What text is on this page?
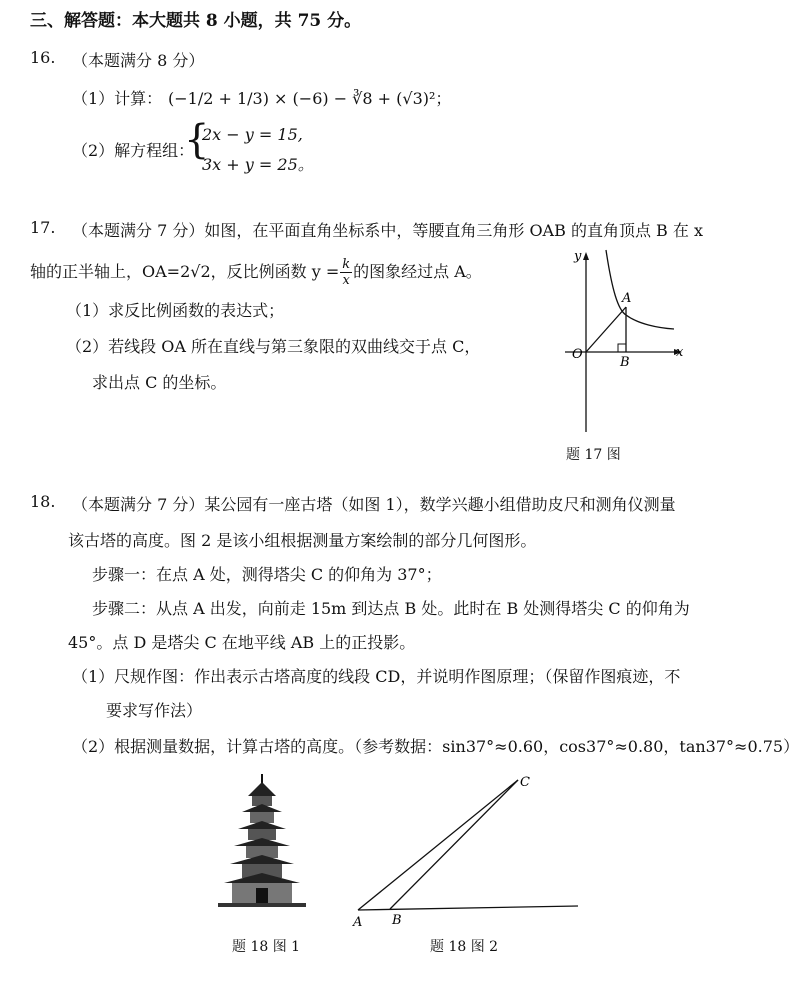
三、解答题：本大题共 8 小题，共 75 分。
16. （本题满分 8 分）
（1）计算： (−1/2 + 1/3) × (−6) − ∛8 + (√3)²；
（2）解方程组：
{
2x − y = 15,
3x + y = 25。
17. （本题满分 7 分）如图，在平面直角坐标系中，等腰直角三角形 OAB 的直角顶点 B 在 x
轴的正半轴上，OA=2√2，反比例函数 $y = \frac{k}{x}$ 的图象经过点 A。
（1）求反比例函数的表达式；
（2）若线段 OA 所在直线与第三象限的双曲线交于点 C，
求出点 C 的坐标。
y
x
O
A
B
题 17 图
18. （本题满分 7 分）某公园有一座古塔（如图 1），数学兴趣小组借助皮尺和测角仪测量
该古塔的高度。图 2 是该小组根据测量方案绘制的部分几何图形。
步骤一：在点 A 处，测得塔尖 C 的仰角为 37°；
步骤二：从点 A 出发，向前走 15m 到达点 B 处。此时在 B 处测得塔尖 C 的仰角为
45°。点 D 是塔尖 C 在地平线 AB 上的正投影。
（1）尺规作图：作出表示古塔高度的线段 CD，并说明作图原理；（保留作图痕迹，不
要求写作法）
（2）根据测量数据，计算古塔的高度。（参考数据：sin37°≈0.60，cos37°≈0.80，tan37°≈0.75）
题 18 图 1
A B
C
题 18 图 2
